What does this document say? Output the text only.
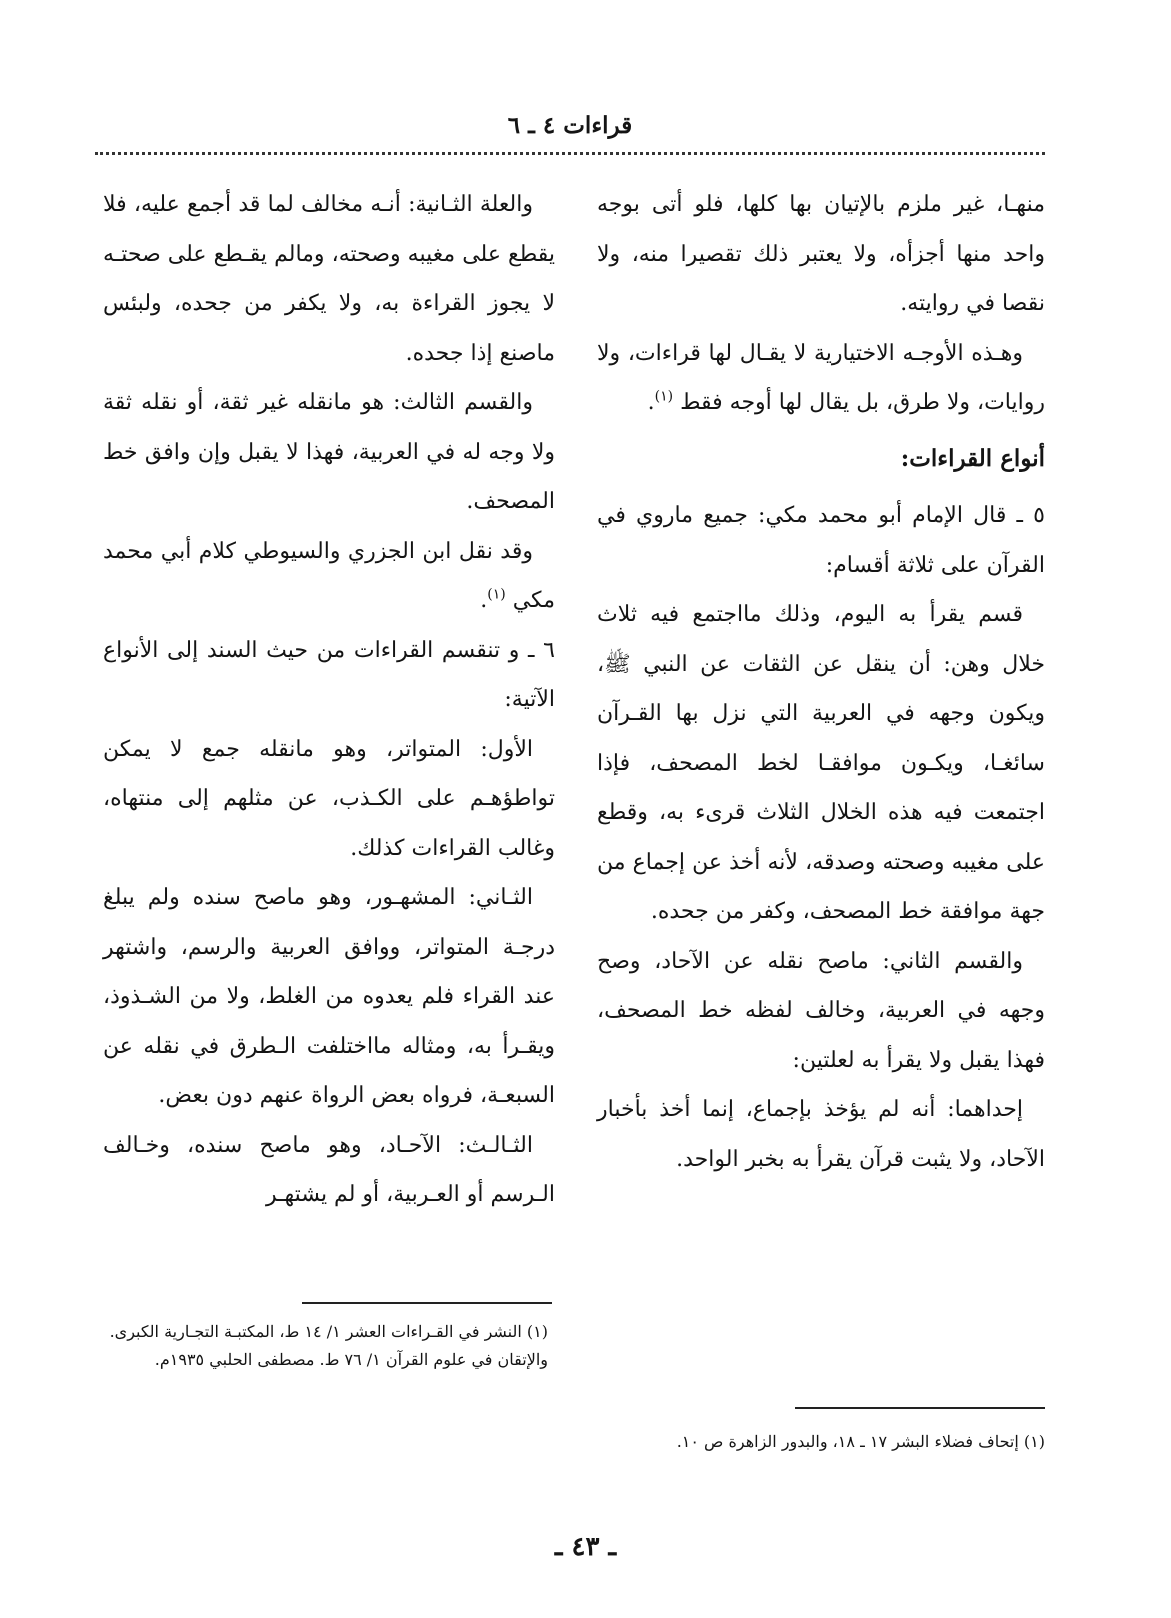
قراءات ٤ ـ ٦

منهـا، غير ملزم بالإتيان بها كلها، فلو أتى بوجه واحد منها أجزأه، ولا يعتبر ذلك تقصيرا منه، ولا نقصا في روايته.

وهـذه الأوجـه الاختيارية لا يقـال لها قراءات، ولا روايات، ولا طرق، بل يقال لها أوجه فقط $^{(١)}$.

أنواع القراءات:

٥ ـ قال الإمام أبو محمد مكي: جميع ماروي في القرآن على ثلاثة أقسام:

قسم يقرأ به اليوم، وذلك مااجتمع فيه ثلاث خلال وهن: أن ينقل عن الثقات عن النبي ﷺ، ويكون وجهه في العربية التي نزل بها القـرآن سائغـا، ويكـون موافقـا لخط المصحف، فإذا اجتمعت فيه هذه الخلال الثلاث قرىء به، وقطع على مغيبه وصحته وصدقه، لأنه أخذ عن إجماع من جهة موافقة خط المصحف، وكفر من جحده.

والقسم الثاني: ماصح نقله عن الآحاد، وصح وجهه في العربية، وخالف لفظه خط المصحف، فهذا يقبل ولا يقرأ به لعلتين:

إحداهما: أنه لم يؤخذ بإجماع، إنما أخذ بأخبار الآحاد، ولا يثبت قرآن يقرأ به بخبر الواحد.

والعلة الثـانية: أنـه مخالف لما قد أجمع عليه، فلا يقطع على مغيبه وصحته، ومالم يقـطع على صحتـه لا يجوز القراءة به، ولا يكفر من جحده، ولبئس ماصنع إذا جحده.

والقسم الثالث: هو مانقله غير ثقة، أو نقله ثقة ولا وجه له في العربية، فهذا لا يقبل وإن وافق خط المصحف.

وقد نقل ابن الجزري والسيوطي كلام أبي محمد مكي $^{(١)}$.

٦ ـ و تنقسم القراءات من حيث السند إلى الأنواع الآتية:

الأول: المتواتر، وهو مانقله جمع لا يمكن تواطؤهـم على الكـذب، عن مثلهم إلى منتهاه، وغالب القراءات كذلك.

الثـاني: المشهـور، وهو ماصح سنده ولم يبلغ درجـة المتواتر، ووافق العربية والرسم، واشتهر عند القراء فلم يعدوه من الغلط، ولا من الشـذوذ، ويقـرأ به، ومثاله مااختلفت الـطرق في نقله عن السبعـة، فرواه بعض الرواة عنهم دون بعض.

الثـالـث: الآحـاد، وهو ماصح سنده، وخـالف الـرسم أو العـربية، أو لم يشتهـر

(١) النشر في القـراءات العشر ١/ ١٤ ط، المكتبـة التجـارية الكبرى. والإتقان في علوم القرآن ١/ ٧٦ ط. مصطفى الحلبي ١٩٣٥م.
(١) إتحاف فضلاء البشر ١٧ ـ ١٨، والبدور الزاهرة ص ١٠.
ـ ٤٣ ـ
